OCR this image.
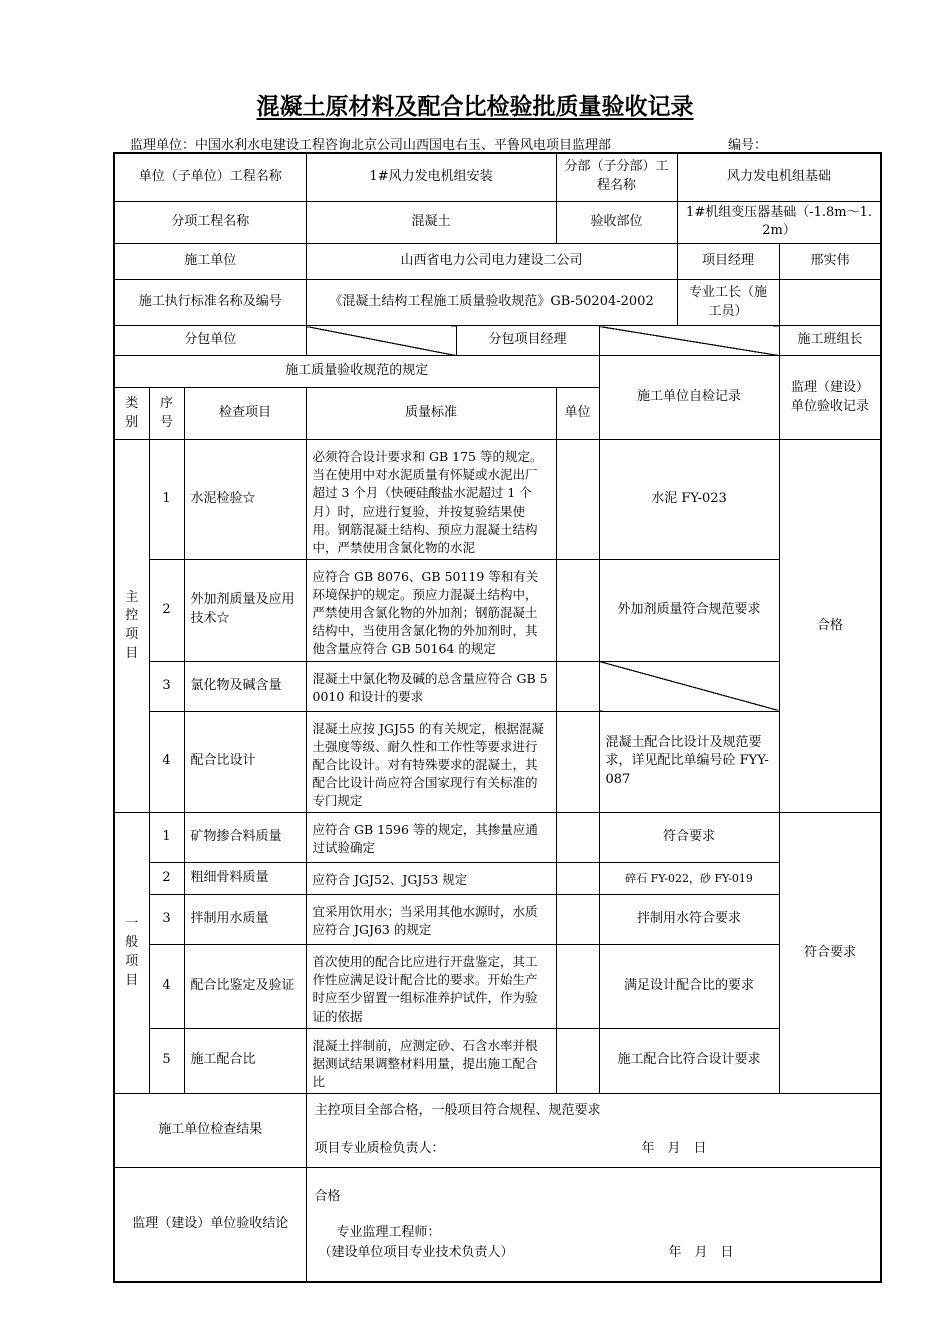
混凝土原材料及配合比检验批质量验收记录
监理单位：中国水利水电建设工程咨询北京公司山西国电右玉、平鲁风电项目监理部	编号：
单位（子单位）工程名称			1#风力发电机组安装		分部（子分部）工程名称		风力发电机组基础		
分项工程名称			混凝土		验收部位		1#机组变压器基础（-1.8m～1.2m）		
施工单位			山西省电力公司电力建设二公司				项目经理	邢实伟	
施工执行标准名称及编号			《混凝土结构工程施工质量验收规范》GB-50204-2002				专业工长（施工员）		
分包单位				分包项目经理				施工班组长	
施工质量验收规范的规定						施工单位自检记录		监理（建设）单位验收记录	
类别	序号	检查项目	质量标准		单位				
主控项目	1	水泥检验☆	必须符合设计要求和 GB 175 等的规定。当在使用中对水泥质量有怀疑或水泥出厂超过 3 个月（快硬硅酸盐水泥超过 1 个月）时，应进行复验，并按复验结果使用。钢筋混凝土结构、预应力混凝土结构中，严禁使用含氯化物的水泥			水泥 FY-023		合格	
	2	外加剂质量及应用技术☆	应符合 GB 8076、GB 50119 等和有关环境保护的规定。预应力混凝土结构中，严禁使用含氯化物的外加剂；钢筋混凝土结构中，当使用含氯化物的外加剂时，其他含量应符合 GB 50164 的规定			外加剂质量符合规范要求			
	3	氯化物及碱含量	混凝土中氯化物及碱的总含量应符合 GB 50010 和设计的要求						
	4	配合比设计	混凝土应按 JGJ55 的有关规定，根据混凝土强度等级、耐久性和工作性等要求进行配合比设计。对有特殊要求的混凝土，其配合比设计尚应符合国家现行有关标准的专门规定			混凝土配合比设计及规范要求，详见配比单编号砼 FYY-087			
一般项目	1	矿物掺合料质量	应符合 GB 1596 等的规定，其掺量应通过试验确定			符合要求		符合要求	
	2	粗细骨料质量	应符合 JGJ52、JGJ53 规定			碎石 FY-022，砂 FY-019			
	3	拌制用水质量	宜采用饮用水；当采用其他水源时，水质应符合 JGJ63 的规定			拌制用水符合要求			
	4	配合比鉴定及验证	首次使用的配合比应进行开盘鉴定，其工作性应满足设计配合比的要求。开始生产时应至少留置一组标准养护试件，作为验证的依据			满足设计配合比的要求			
	5	施工配合比	混凝土拌制前，应测定砂、石含水率并根据测试结果调整材料用量，提出施工配合比			施工配合比符合设计要求			
施工单位检查结果			主控项目全部合格，一般项目符合规程、规范要求
项目专业质检负责人： 年　月　日						

监理（建设）单位验收结论			合格
专业监理工程师：
（建设单位项目专业技术负责人） 年　月　日						
